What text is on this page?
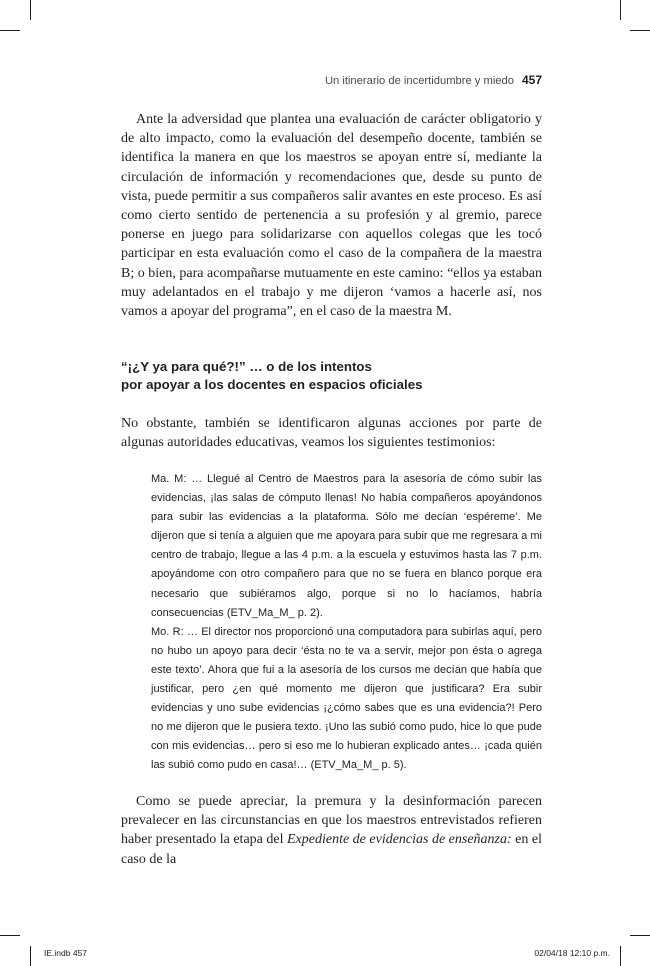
Un itinerario de incertidumbre y miedo 457

Ante la adversidad que plantea una evaluación de carácter obligatorio y de alto impacto, como la evaluación del desempeño docente, también se identifica la manera en que los maestros se apoyan entre sí, mediante la circulación de información y recomendaciones que, desde su punto de vista, puede permitir a sus compañeros salir avantes en este proceso. Es así como cierto sentido de pertenencia a su profesión y al gremio, parece ponerse en juego para solidarizarse con aquellos colegas que les tocó participar en esta evaluación como el caso de la compañera de la maestra B; o bien, para acompañarse mutuamente en este camino: “ellos ya estaban muy adelantados en el trabajo y me dijeron ‘vamos a hacerle así, nos vamos a apoyar del programa”, en el caso de la maestra M.

“¡¿Y ya para qué?!” … o de los intentos
por apoyar a los docentes en espacios oficiales

No obstante, también se identificaron algunas acciones por parte de algunas autoridades educativas, veamos los siguientes testimonios:

Ma. M: … Llegué al Centro de Maestros para la asesoría de cómo subir las evidencias, ¡las salas de cómputo llenas! No había compañeros apoyándonos para subir las evidencias a la plataforma. Sólo me decían ‘espéreme’. Me dijeron que si tenía a alguien que me apoyara para subir que me regresara a mi centro de trabajo, llegue a las 4 p.m. a la escuela y estuvimos hasta las 7 p.m. apoyándome con otro compañero para que no se fuera en blanco porque era necesario que subiéramos algo, porque si no lo hacíamos, habría consecuencias (ETV_Ma_M_ p. 2).

Mo. R: … El director nos proporcionó una computadora para subirlas aquí, pero no hubo un apoyo para decir ‘ésta no te va a servir, mejor pon ésta o agrega este texto’. Ahora que fui a la asesoría de los cursos me decían que había que justificar, pero ¿en qué momento me dijeron que justificara? Era subir evidencias y uno sube evidencias ¡¿cómo sabes que es una evidencia?! Pero no me dijeron que le pusiera texto. ¡Uno las subió como pudo, hice lo que pude con mis evidencias… pero si eso me lo hubieran explicado antes… ¡cada quién las subió como pudo en casa!… (ETV_Ma_M_ p. 5).

Como se puede apreciar, la premura y la desinformación parecen prevalecer en las circunstancias en que los maestros entrevistados refieren haber presentado la etapa del Expediente de evidencias de enseñanza: en el caso de la

IE.indb 457	02/04/18 12:10 p.m.
